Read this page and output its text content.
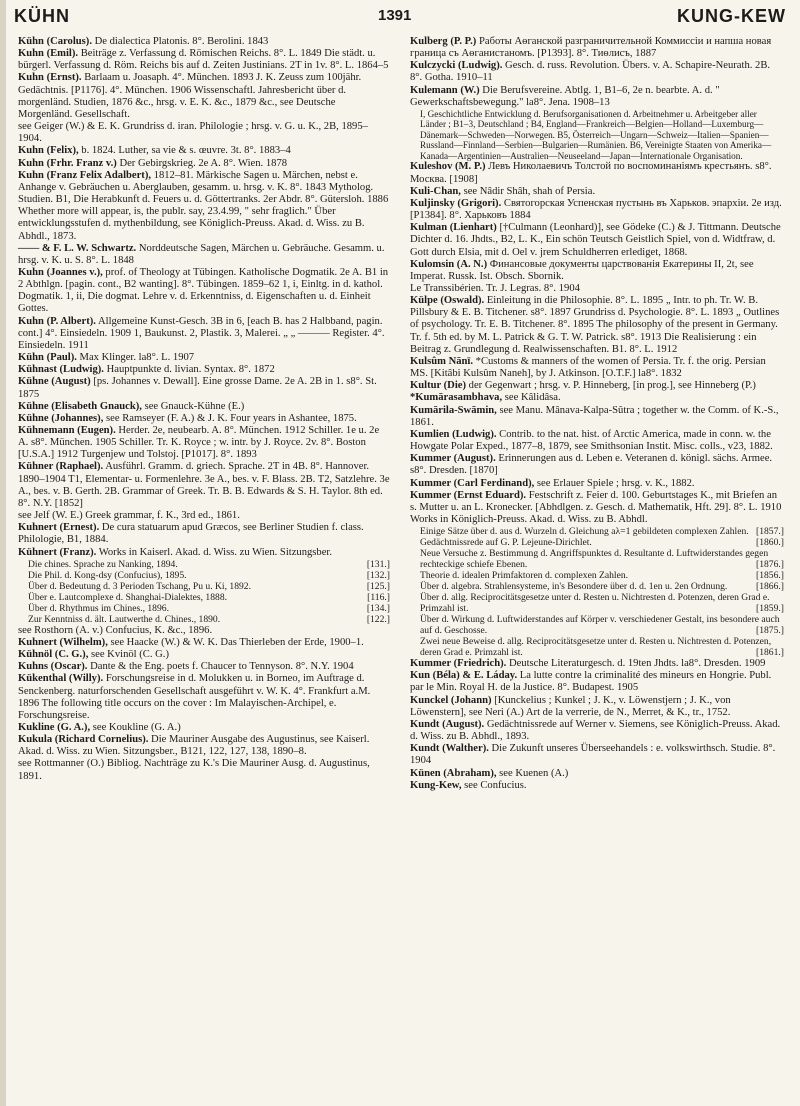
KÜHN	1391	KUNG-KEW

Kühn (Carolus). De dialectica Platonis. 8°. Berolini. 1843

Kuhn (Emil). Beiträge z. Verfassung d. Römischen Reichs. 8°. L. 1849 Die städt. u. bürgerl. Verfassung d. Röm. Reichs bis auf d. Zeiten Justinians. 2T in 1v. 8°. L. 1864–5

Kuhn (Ernst). Barlaam u. Joasaph. 4°. München. 1893 J. K. Zeuss zum 100jähr. Gedächtnis. [P1176]. 4°. München. 1906 Wissenschaftl. Jahresbericht über d. morgenländ. Studien, 1876 &c., hrsg. v. E. K. &c., 1879 &c., see Deutsche Morgenländ. Gesellschaft.

see Geiger (W.) & E. K. Grundriss d. iran. Philologie ; hrsg. v. G. u. K., 2B, 1895–1904.

Kuhn (Felix), b. 1824. Luther, sa vie & s. œuvre. 3t. 8°. 1883–4

Kuhn (Frhr. Franz v.) Der Gebirgskrieg. 2e A. 8°. Wien. 1878

Kuhn (Franz Felix Adalbert), 1812–81. Märkische Sagen u. Märchen, nebst e. Anhange v. Gebräuchen u. Aberglauben, gesamm. u. hrsg. v. K. 8°. 1843 Mytholog. Studien. B1, Die Herabkunft d. Feuers u. d. Göttertranks. 2er Abdr. 8°. Gütersloh. 1886 Whether more will appear, is, the publr. say, 23.4.99, " sehr fraglich." Über entwicklungsstufen d. mythenbildung, see Königlich-Preuss. Akad. d. Wiss. zu B. Abhdl., 1873.

—— & F. L. W. Schwartz. Norddeutsche Sagen, Märchen u. Gebräuche. Gesamm. u. hrsg. v. K. u. S. 8°. L. 1848

Kuhn (Joannes v.), prof. of Theology at Tübingen. Katholische Dogmatik. 2e A. B1 in 2 Abthlgn. [pagin. cont., B2 wanting]. 8°. Tübingen. 1859–62 1, i, Einltg. in d. kathol. Dogmatik. 1, ii, Die dogmat. Lehre v. d. Erkenntniss, d. Eigenschaften u. d. Einheit Gottes.

Kuhn (P. Albert). Allgemeine Kunst-Gesch. 3B in 6, [each B. has 2 Halbband, pagin. cont.] 4°. Einsiedeln. 1909 1, Baukunst. 2, Plastik. 3, Malerei. „ „ ——— Register. 4°. Einsiedeln. 1911

Kühn (Paul). Max Klinger. la8°. L. 1907

Kühnast (Ludwig). Hauptpunkte d. livian. Syntax. 8°. 1872

Kühne (August) [ps. Johannes v. Dewall]. Eine grosse Dame. 2e A. 2B in 1. s8°. St. 1875

Kühne (Elisabeth Gnauck), see Gnauck-Kühne (E.)

Kühne (Johannes), see Ramseyer (F. A.) & J. K. Four years in Ashantee, 1875.

Kühnemann (Eugen). Herder. 2e, neubearb. A. 8°. München. 1912 Schiller. 1e u. 2e A. s8°. München. 1905 Schiller. Tr. K. Royce ; w. intr. by J. Royce. 2v. 8°. Boston [U.S.A.] 1912 Turgenjew und Tolstoj. [P1017]. 8°. 1893

Kühner (Raphael). Ausführl. Gramm. d. griech. Sprache. 2T in 4B. 8°. Hannover. 1890–1904 T1, Elementar- u. Formenlehre. 3e A., bes. v. F. Blass. 2B. T2, Satzlehre. 3e A., bes. v. B. Gerth. 2B. Grammar of Greek. Tr. B. B. Edwards & S. H. Taylor. 8th ed. 8°. N.Y. [1852]

see Jelf (W. E.) Greek grammar, f. K., 3rd ed., 1861.

Kuhnert (Ernest). De cura statuarum apud Græcos, see Berliner Studien f. class. Philologie, B1, 1884.

Kühnert (Franz). Works in Kaiserl. Akad. d. Wiss. zu Wien. Sitzungsber.

Die chines. Sprache zu Nanking, 1894.	[131.]

Die Phil. d. Kong-dsy (Confucius), 1895.	[132.]

Über d. Bedeutung d. 3 Perioden Tschang, Pu u. Ki, 1892.	[125.]

Über e. Lautcomplexe d. Shanghai-Dialektes, 1888.	[116.]

Über d. Rhythmus im Chines., 1896.	[134.]

Zur Kenntniss d. ält. Lautwerthe d. Chines., 1890.	[122.]

see Rosthorn (A. v.) Confucius, K. &c., 1896.

Kuhnert (Wilhelm), see Haacke (W.) & W. K. Das Thierleben der Erde, 1900–1.

Kühnöl (C. G.), see Kvinöl (C. G.)

Kuhns (Oscar). Dante & the Eng. poets f. Chaucer to Tennyson. 8°. N.Y. 1904

Kükenthal (Willy). Forschungsreise in d. Molukken u. in Borneo, im Auftrage d. Senckenberg. naturforschenden Gesellschaft ausgeführt v. W. K. 4°. Frankfurt a.M. 1896 The following title occurs on the cover : Im Malayischen-Archipel, e. Forschungsreise.

Kukline (G. A.), see Kouklinе (G. A.)

Kukula (Richard Cornelius). Die Mauriner Ausgabe des Augustinus, see Kaiserl. Akad. d. Wiss. zu Wien. Sitzungsber., B121, 122, 127, 138, 1890–8.

see Rottmanner (O.) Bibliog. Nachträge zu K.'s Die Mauriner Ausg. d. Augustinus, 1891.

Kulberg (P. P.) Работы Аѳганской разграничительной Коммиссiи и напшa новая граница съ Аѳганистаномъ. [P1393]. 8°. Тиѳлисъ, 1887

Kulczycki (Ludwig). Gesch. d. russ. Revolution. Übers. v. A. Schapire-Neurath. 2B. 8°. Gotha. 1910–11

Kulemann (W.) Die Berufsvereine. Abtlg. 1, B1–6, 2e n. bearbte. A. d. " Gewerkschaftsbewegung." la8°. Jena. 1908–13

I, Geschichtliche Entwicklung d. Berufsorganisationen d. Arbeitnehmer u. Arbeitgeber aller Länder ; B1–3, Deutschland ; B4, England—Frankreich—Belgien—Holland—Luxemburg—Dänemark—Schweden—Norwegen. B5, Österreich—Ungarn—Schweiz—Italien—Spanien—Russland—Finnland—Serbien—Bulgarien—Rumänien. B6, Vereinigte Staaten von Amerika—Kanada—Argentinien—Australien—Neuseeland—Japan—Internationale Organisation.

Kuleshov (M. P.) Левъ Николаевичъ Толстой по воспоминаніямъ крестьянъ. s8°. Москва. [1908]

Kuli-Chan, see Nâdir Shâh, shah of Persia.

Kuljinsky (Grigori). Святогорская Успенская пустынь въ Харьков. эпархіи. 2e изд. [P1384]. 8°. Харьковъ 1884

Kulman (Lienhart) [†Culmann (Leonhard)], see Gödeke (C.) & J. Tittmann. Deutsche Dichter d. 16. Jhdts., B2, L. K., Ein schön Teutsch Geistlich Spiel, von d. Widtfraw, d. Gott durch Elsia, mit d. Oel v. jrem Schuldherren erlediget, 1868.

Kulomsin (A. N.) Финансовые документы царствованія Екатерины II, 2t, see Imperat. Russk. Ist. Obsch. Sbornik.

Le Transsibérien. Tr. J. Legras. 8°. 1904

Külpe (Oswald). Einleitung in die Philosophie. 8°. L. 1895 „ Intr. to ph. Tr. W. B. Pillsbury & E. B. Titchener. s8°. 1897 Grundriss d. Psychologie. 8°. L. 1893 „ Outlines of psychology. Tr. E. B. Titchener. 8°. 1895 The philosophy of the present in Germany. Tr. f. 5th ed. by M. L. Patrick & G. T. W. Patrick. s8°. 1913 Die Realisierung : ein Beitrag z. Grundlegung d. Realwissenschaften. B1. 8°. L. 1912

Kulsûm Nānī. *Customs & manners of the women of Persia. Tr. f. the orig. Persian MS. [Kitâbi Kulsûm Naneh], by J. Atkinson. [O.T.F.] la8°. 1832

Kultur (Die) der Gegenwart ; hrsg. v. P. Hinneberg, [in prog.], see Hinneberg (P.)

*Kumārasambhava, see Kâlidâsa.

Kumārila-Swāmin, see Manu. Mânava-Kalpa-Sûtra ; together w. the Comm. of K.-S., 1861.

Kumlien (Ludwig). Contrib. to the nat. hist. of Arctic America, made in conn. w. the Howgate Polar Exped., 1877–8, 1879, see Smithsonian Instit. Misc. colls., v23, 1882.

Kummer (August). Erinnerungen aus d. Leben e. Veteranen d. königl. sächs. Armee. s8°. Dresden. [1870]

Kummer (Carl Ferdinand), see Erlauer Spiele ; hrsg. v. K., 1882.

Kummer (Ernst Eduard). Festschrift z. Feier d. 100. Geburtstages K., mit Briefen an s. Mutter u. an L. Kronecker. [Abhdlgen. z. Gesch. d. Mathematik, Hft. 29]. 8°. L. 1910 Works in Königlich-Preuss. Akad. d. Wiss. zu B. Abhdl.

Einige Sätze über d. aus d. Wurzeln d. Gleichung aλ=1 gebildeten complexen Zahlen. [1857.]

Gedächtnissrede auf G. P. Lejeune-Dirichlet.	[1860.]

Neue Versuche z. Bestimmung d. Angriffspunktes d. Resultante d. Luftwiderstandes gegen rechteckige schiefe Ebenen.	[1876.]

Theorie d. idealen Primfaktoren d. complexen Zahlen.	[1856.]

Über d. algebra. Strahlensysteme, in's Besondere über d. d. 1en u. 2en Ordnung.	[1866.]

Über d. allg. Reciprocitätsgesetze unter d. Resten u. Nichtresten d. Potenzen, deren Grad e. Primzahl ist.	[1859.]

Über d. Wirkung d. Luftwiderstandes auf Körper v. verschiedener Gestalt, ins besondere auch auf d. Geschosse.	[1875.]

Zwei neue Beweise d. allg. Reciprocitätsgesetze unter d. Resten u. Nichtresten d. Potenzen, deren Grad e. Primzahl ist.	[1861.]

Kummer (Friedrich). Deutsche Literaturgesch. d. 19ten Jhdts. la8°. Dresden. 1909

Kun (Béla) & E. Láday. La lutte contre la criminalité des mineurs en Hongrie. Publ. par le Min. Royal H. de la Justice. 8°. Budapest. 1905

Kunckel (Johann) [Kunckelius ; Kunkel ; J. K., v. Löwenstjern ; J. K., von Löwenstern], see Neri (A.) Art de la verrerie, de N., Merret, & K., tr., 1752.

Kundt (August). Gedächtnissrede auf Werner v. Siemens, see Königlich-Preuss. Akad. d. Wiss. zu B. Abhdl., 1893.

Kundt (Walther). Die Zukunft unseres Überseehandels : e. volkswirthsch. Studie. 8°. 1904

Künen (Abraham), see Kuenen (A.)

Kung-Kew, see Confucius.
